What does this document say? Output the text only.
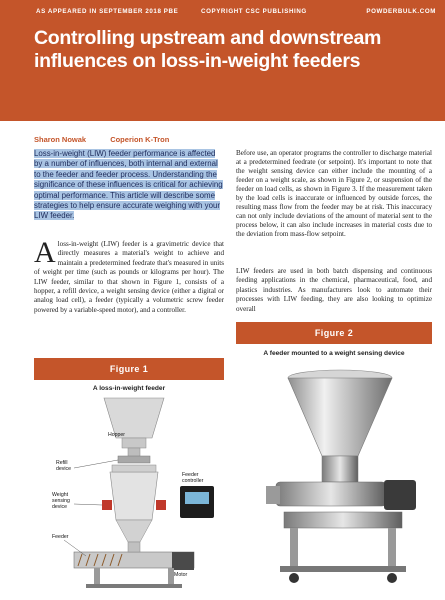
AS APPEARED IN SEPTEMBER 2018 PBE	COPYRIGHT CSC PUBLISHING	POWDERBULK.COM
Controlling upstream and downstream influences on loss-in-weight feeders
Sharon Nowak	Coperion K-Tron
Loss-in-weight (LIW) feeder performance is affected by a number of influences, both internal and external to the feeder and feeder process. Understanding the significance of these influences is critical for achieving optimal performance. This article will describe some strategies to help ensure accurate weighing with your LIW feeder.
Aloss-in-weight (LIW) feeder is a gravimetric device that directly measures a material's weight to achieve and maintain a predetermined feedrate that's measured in units of weight per time (such as pounds or kilograms per hour). The LIW feeder, similar to that shown in Figure 1, consists of a hopper, a refill device, a weight sensing device (either a digital or analog load cell), a feeder (typically a volumetric screw feeder powered by a variable-speed motor), and a controller.
Figure 1
A loss-in-weight feeder
Hopper
Refill
device
Feeder
controller
Weight
sensing
device
Feeder
Motor
Before use, an operator programs the controller to discharge material at a predetermined feedrate (or setpoint). It's important to note that the weight sensing device can either include the mounting of a feeder on a weight scale, as shown in Figure 2, or suspension of the feeder on load cells, as shown in Figure 3. If the measurement taken by the load cells is inaccurate or influenced by outside forces, the resulting mass flow from the feeder may be at risk. This inaccuracy can not only include deviations of the amount of material sent to the process below, it can also include increases in material costs due to the deviation from mass-flow setpoint.
LIW feeders are used in both batch dispensing and continuous feeding applications in the chemical, pharmaceutical, food, and plastics industries. As manufacturers look to automate their processes with LIW feeding, they are also looking to optimize overall
Figure 2
A feeder mounted to a weight sensing device
